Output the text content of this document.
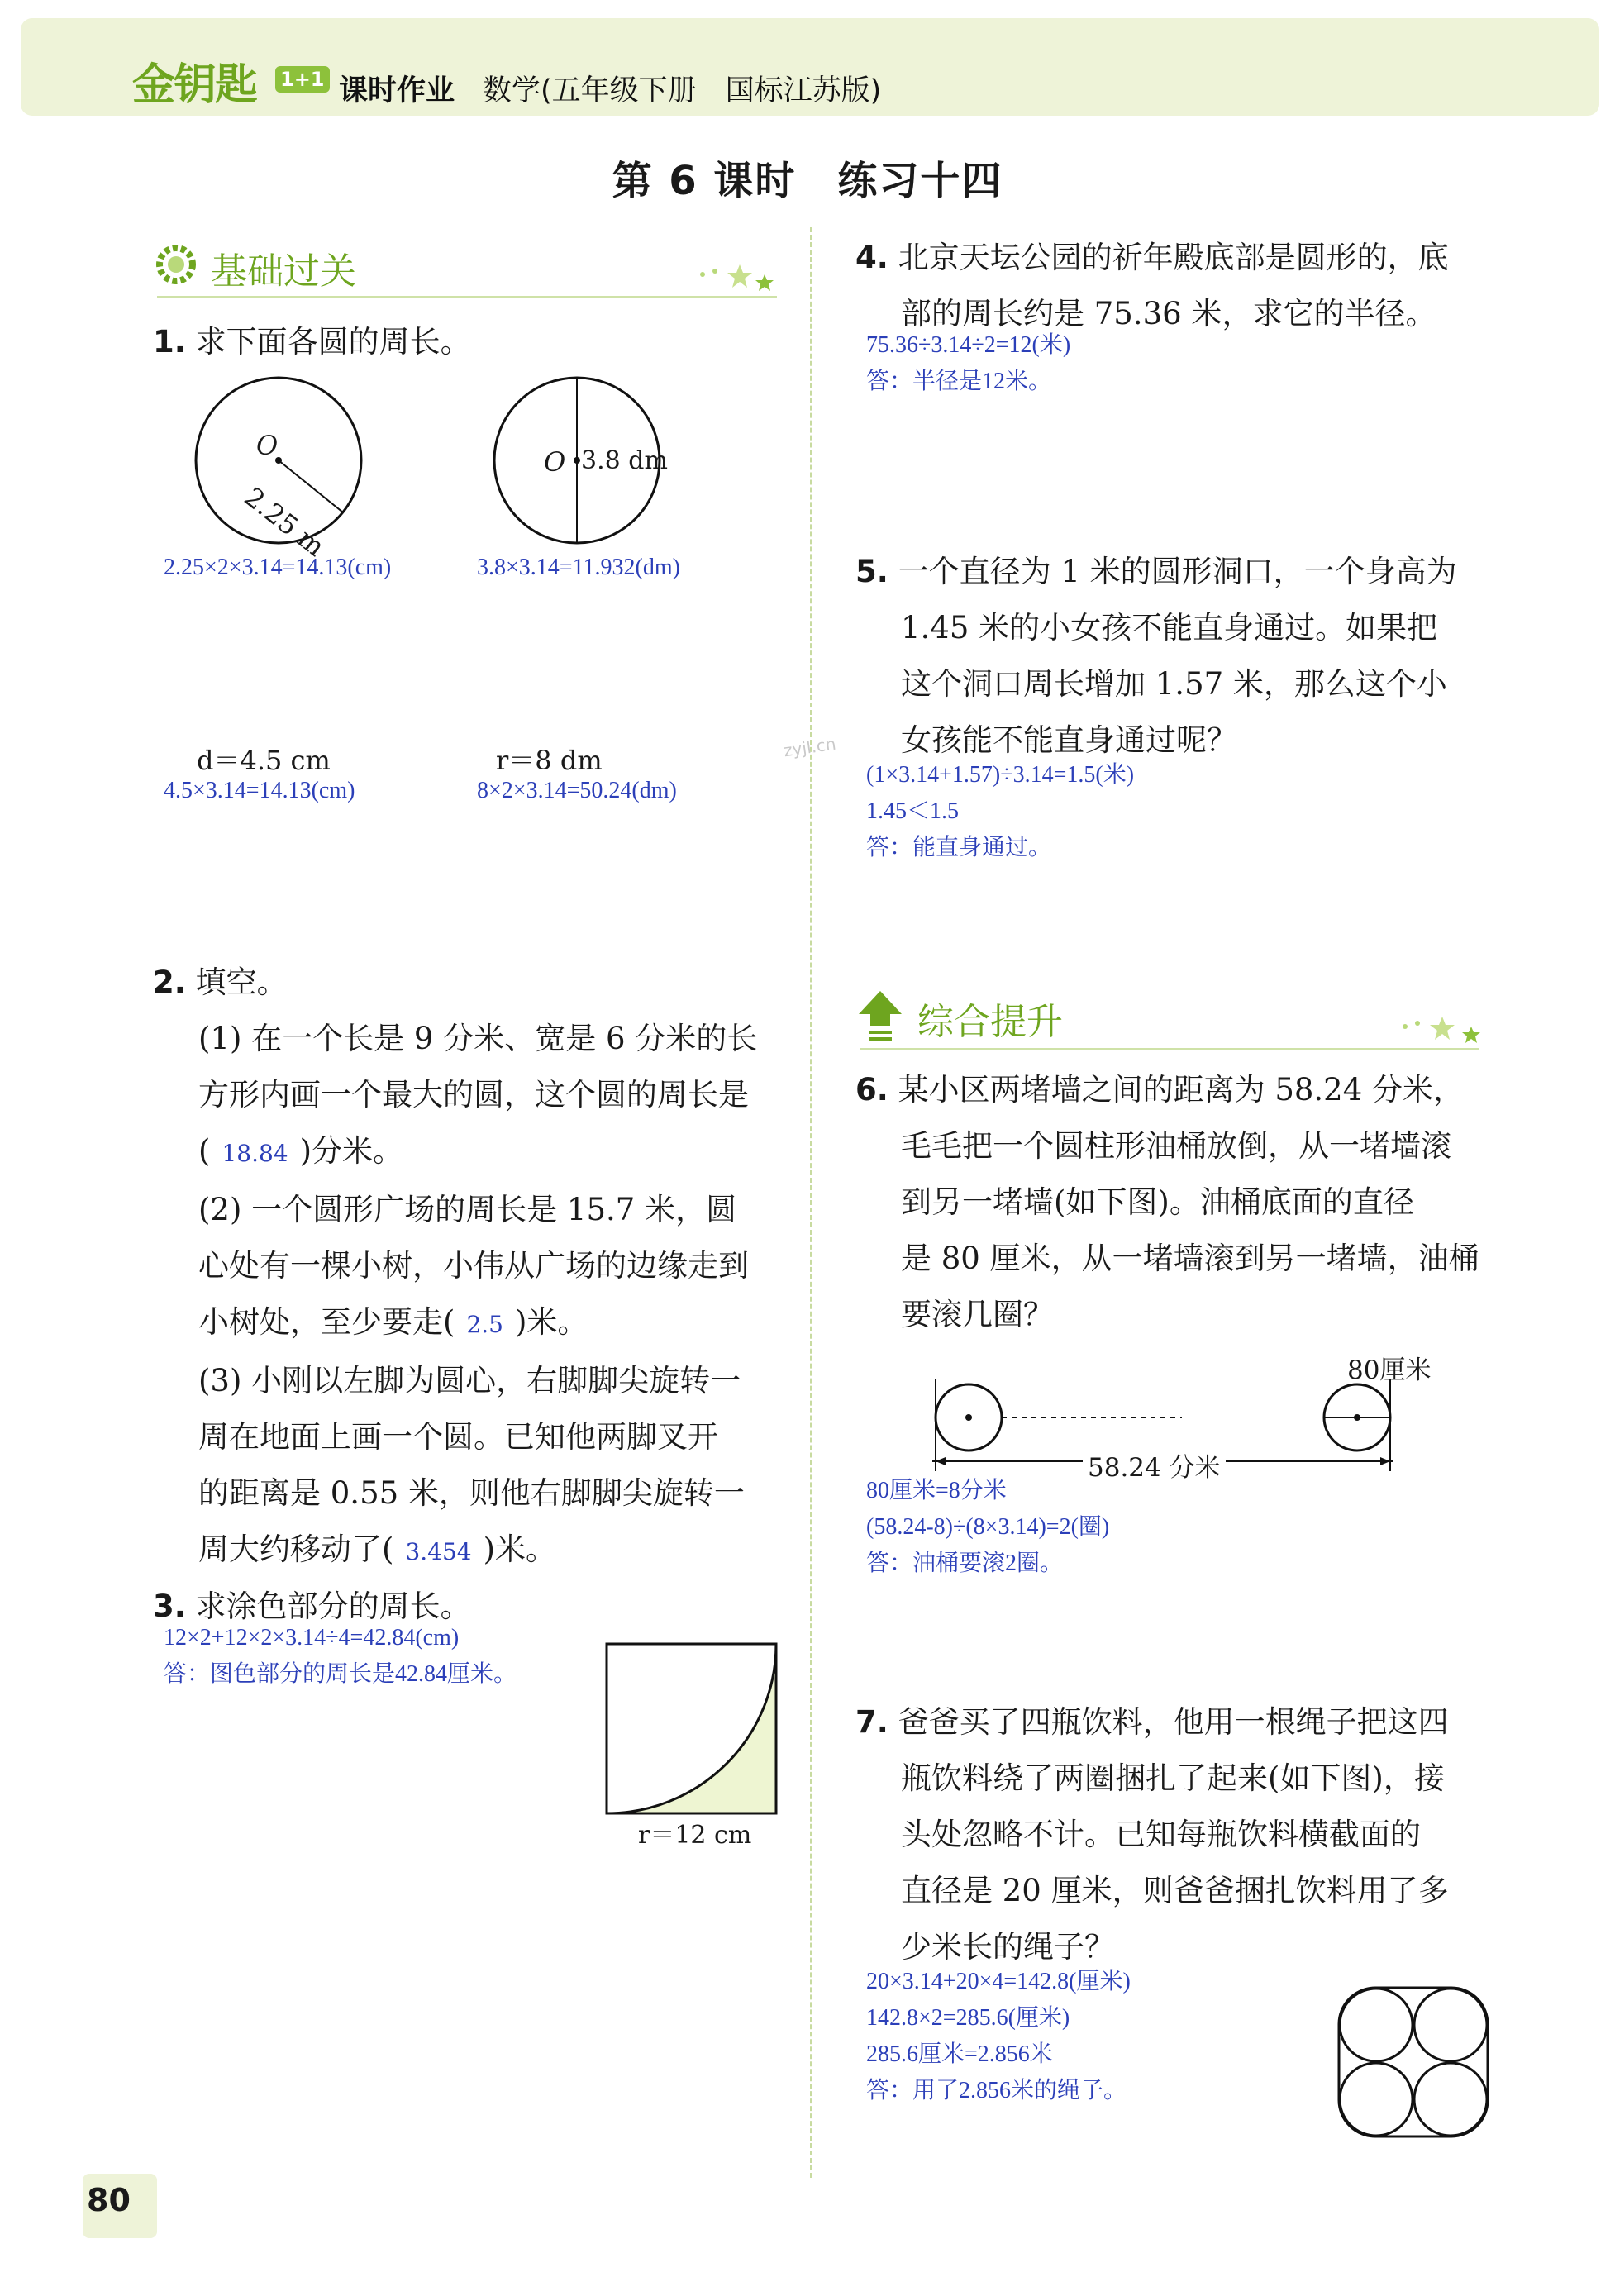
金钥匙 1+1 课时作业 数学(五年级下册　国标江苏版)
第 6 课时　练习十四
基础过关
1. 求下面各圆的周长。
O
2.25 m
2.25×2×3.14=14.13(cm)
O 3.8 dm
3.8×3.14=11.932(dm)
d＝4.5 cm
4.5×3.14=14.13(cm)
r＝8 dm
8×2×3.14=50.24(dm)
2. 填空。
(1) 在一个长是 9 分米、宽是 6 分米的长
方形内画一个最大的圆，这个圆的周长是
( 18.84 )分米。
(2) 一个圆形广场的周长是 15.7 米，圆
心处有一棵小树，小伟从广场的边缘走到
小树处，至少要走( 2.5 )米。
(3) 小刚以左脚为圆心，右脚脚尖旋转一
周在地面上画一个圆。已知他两脚叉开
的距离是 0.55 米，则他右脚脚尖旋转一
周大约移动了( 3.454 )米。
3. 求涂色部分的周长。
12×2+12×2×3.14÷4=42.84(cm)
答：图色部分的周长是42.84厘米。
r＝12 cm
4. 北京天坛公园的祈年殿底部是圆形的，底
部的周长约是 75.36 米，求它的半径。
75.36÷3.14÷2=12(米)
答：半径是12米。
5. 一个直径为 1 米的圆形洞口，一个身高为
1.45 米的小女孩不能直身通过。如果把
这个洞口周长增加 1.57 米，那么这个小
女孩能不能直身通过呢？
(1×3.14+1.57)÷3.14=1.5(米)
1.45＜1.5
答：能直身通过。
zyjl.cn
综合提升
6. 某小区两堵墙之间的距离为 58.24 分米，
毛毛把一个圆柱形油桶放倒，从一堵墙滚
到另一堵墙(如下图)。油桶底面的直径
是 80 厘米，从一堵墙滚到另一堵墙，油桶
要滚几圈？
80厘米
58.24 分米
80厘米=8分米
(58.24-8)÷(8×3.14)=2(圈)
答：油桶要滚2圈。
7. 爸爸买了四瓶饮料，他用一根绳子把这四
瓶饮料绕了两圈捆扎了起来(如下图)，接
头处忽略不计。已知每瓶饮料横截面的
直径是 20 厘米，则爸爸捆扎饮料用了多
少米长的绳子？
20×3.14+20×4=142.8(厘米)
142.8×2=285.6(厘米)
285.6厘米=2.856米
答：用了2.856米的绳子。
80
